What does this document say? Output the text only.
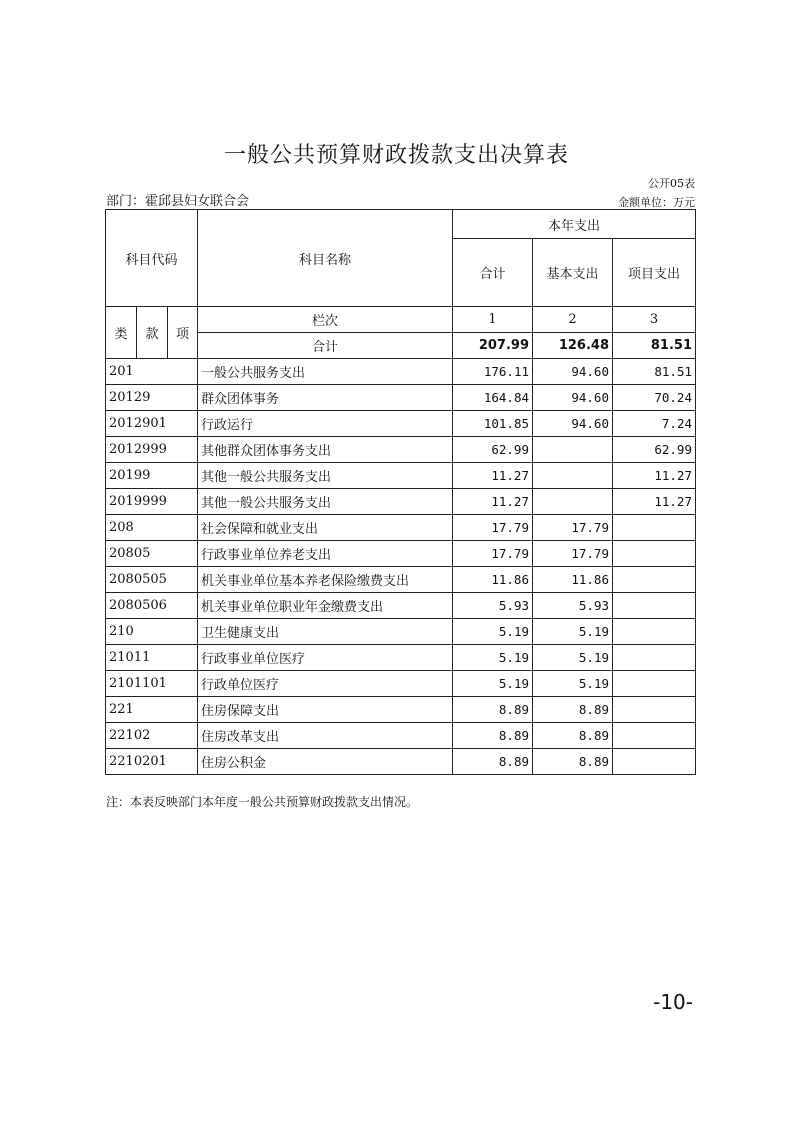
一般公共预算财政拨款支出决算表
公开05表
部门：霍邱县妇女联合会	金额单位：万元
科目代码			科目名称	本年支出		
				合计	基本支出	项目支出
类	款	项	栏次	1	2	3
			合计	207.99	126.48	81.51
201			一般公共服务支出	176.11	94.60	81.51
20129			群众团体事务	164.84	94.60	70.24
2012901			行政运行	101.85	94.60	7.24
2012999			其他群众团体事务支出	62.99		62.99
20199			其他一般公共服务支出	11.27		11.27
2019999			其他一般公共服务支出	11.27		11.27
208			社会保障和就业支出	17.79	17.79	
20805			行政事业单位养老支出	17.79	17.79	
2080505			机关事业单位基本养老保险缴费支出	11.86	11.86	
2080506			机关事业单位职业年金缴费支出	5.93	5.93	
210			卫生健康支出	5.19	5.19	
21011			行政事业单位医疗	5.19	5.19	
2101101			行政单位医疗	5.19	5.19	
221			住房保障支出	8.89	8.89	
22102			住房改革支出	8.89	8.89	
2210201			住房公积金	8.89	8.89	
注：本表反映部门本年度一般公共预算财政拨款支出情况。
-10-
